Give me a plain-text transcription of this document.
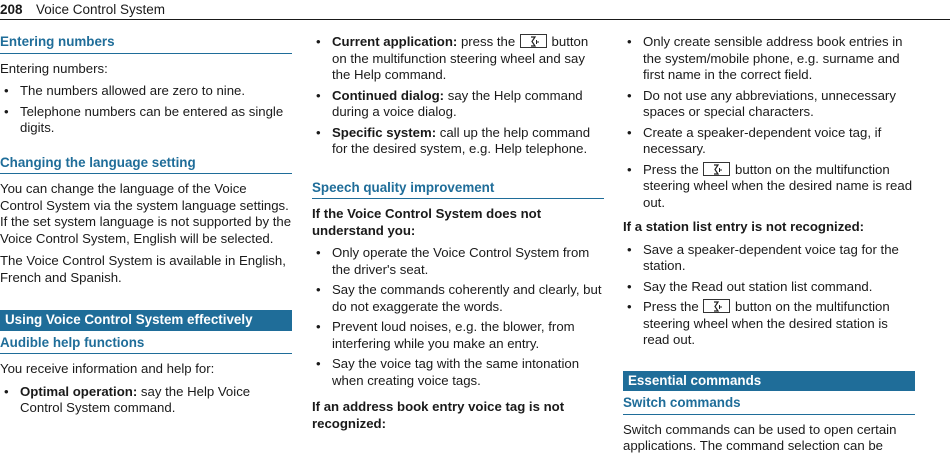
208 Voice Control System
Entering numbers

Entering numbers:

• The numbers allowed are zero to nine.
• Telephone numbers can be entered as single digits.
Changing the language setting

You can change the language of the Voice Control System via the system language settings. If the set system language is not supported by the Voice Control System, English will be selected.

The Voice Control System is available in English, French and Spanish.

Using Voice Control System effectively
Audible help functions

You receive information and help for:

• Optimal operation: say the Help Voice Control System command.
• Current application: press the
button on the multifunction steering wheel and say the Help command.
• Continued dialog: say the Help command during a voice dialog.
• Specific system: call up the help command for the desired system, e.g. Help telephone.
Speech quality improvement
If the Voice Control System does not understand you:
• Only operate the Voice Control System from the driver's seat.
• Say the commands coherently and clearly, but do not exaggerate the words.
• Prevent loud noises, e.g. the blower, from interfering while you make an entry.
• Say the voice tag with the same intonation when creating voice tags.
If an address book entry voice tag is not recognized:
• Only create sensible address book entries in the system/mobile phone, e.g. surname and first name in the correct field.
• Do not use any abbreviations, unnecessary spaces or special characters.
• Create a speaker-dependent voice tag, if necessary.
• Press the
button on the multifunction steering wheel when the desired name is read out.
If a station list entry is not recognized:
• Save a speaker-dependent voice tag for the station.
• Say the Read out station list command.
• Press the
button on the multifunction steering wheel when the desired station is read out.
Essential commands
Switch commands

Switch commands can be used to open certain applications. The command selection can be
